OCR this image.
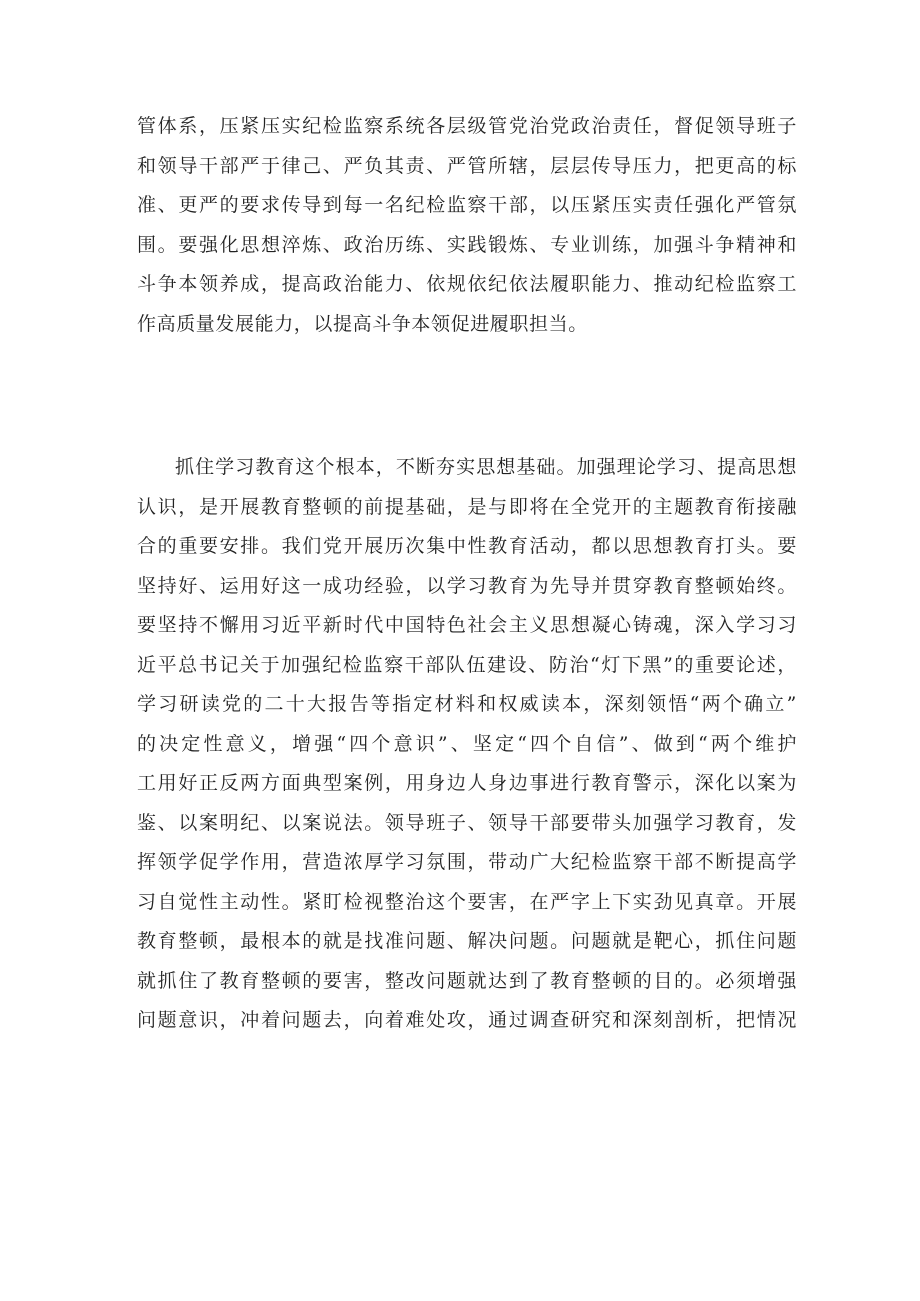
管体系，压紧压实纪检监察系统各层级管党治党政治责任，督促领导班子
和领导干部严于律己、严负其责、严管所辖，层层传导压力，把更高的标
准、更严的要求传导到每一名纪检监察干部，以压紧压实责任强化严管氛
围。要强化思想淬炼、政治历练、实践锻炼、专业训练，加强斗争精神和
斗争本领养成，提高政治能力、依规依纪依法履职能力、推动纪检监察工
作高质量发展能力，以提高斗争本领促进履职担当。
抓住学习教育这个根本，不断夯实思想基础。加强理论学习、提高思想
认识，是开展教育整顿的前提基础，是与即将在全党开的主题教育衔接融
合的重要安排。我们党开展历次集中性教育活动，都以思想教育打头。要
坚持好、运用好这一成功经验，以学习教育为先导并贯穿教育整顿始终。
要坚持不懈用习近平新时代中国特色社会主义思想凝心铸魂，深入学习习
近平总书记关于加强纪检监察干部队伍建设、防治“灯下黑”的重要论述，
学习研读党的二十大报告等指定材料和权威读本，深刻领悟“两个确立”
的决定性意义，增强“四个意识”、坚定“四个自信”、做到“两个维护
工用好正反两方面典型案例，用身边人身边事进行教育警示，深化以案为
鉴、以案明纪、以案说法。领导班子、领导干部要带头加强学习教育，发
挥领学促学作用，营造浓厚学习氛围，带动广大纪检监察干部不断提高学
习自觉性主动性。紧盯检视整治这个要害，在严字上下实劲见真章。开展
教育整顿，最根本的就是找准问题、解决问题。问题就是靶心，抓住问题
就抓住了教育整顿的要害，整改问题就达到了教育整顿的目的。必须增强
问题意识，冲着问题去，向着难处攻，通过调查研究和深刻剖析，把情况
